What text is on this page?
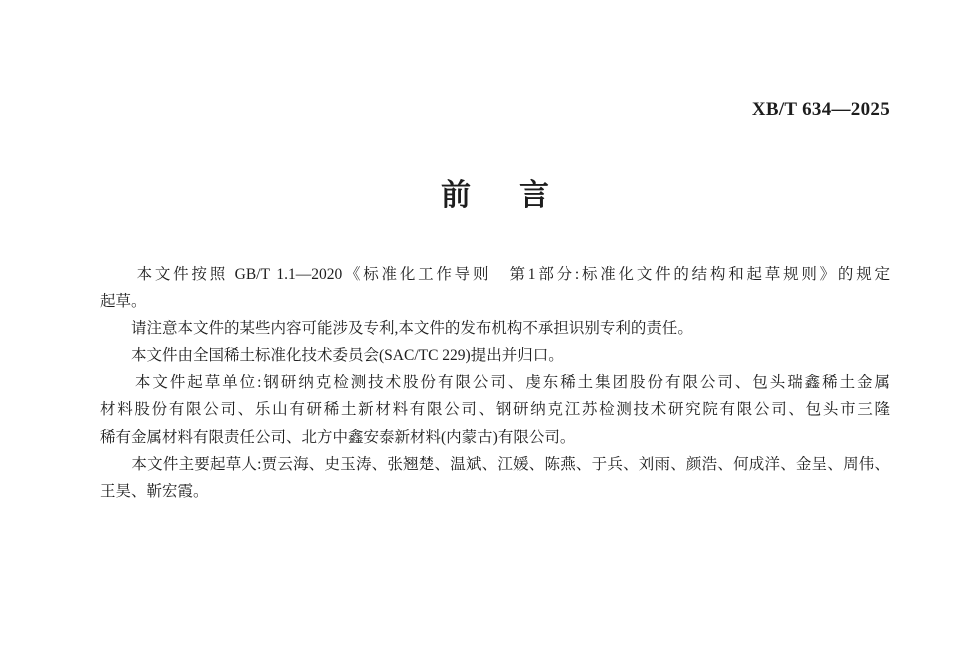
XB/T 634—2025
前 言
　　本文件按照 GB/T 1.1—2020《标准化工作导则　第1部分:标准化文件的结构和起草规则》的规定
起草。
　　请注意本文件的某些内容可能涉及专利,本文件的发布机构不承担识别专利的责任。
　　本文件由全国稀土标准化技术委员会(SAC/TC 229)提出并归口。
　　本文件起草单位:钢研纳克检测技术股份有限公司、虔东稀土集团股份有限公司、包头瑞鑫稀土金属
材料股份有限公司、乐山有研稀土新材料有限公司、钢研纳克江苏检测技术研究院有限公司、包头市三隆
稀有金属材料有限责任公司、北方中鑫安泰新材料(内蒙古)有限公司。
　　本文件主要起草人:贾云海、史玉涛、张翘楚、温斌、江媛、陈燕、于兵、刘雨、颜浩、何成洋、金呈、周伟、
王昊、靳宏霞。
